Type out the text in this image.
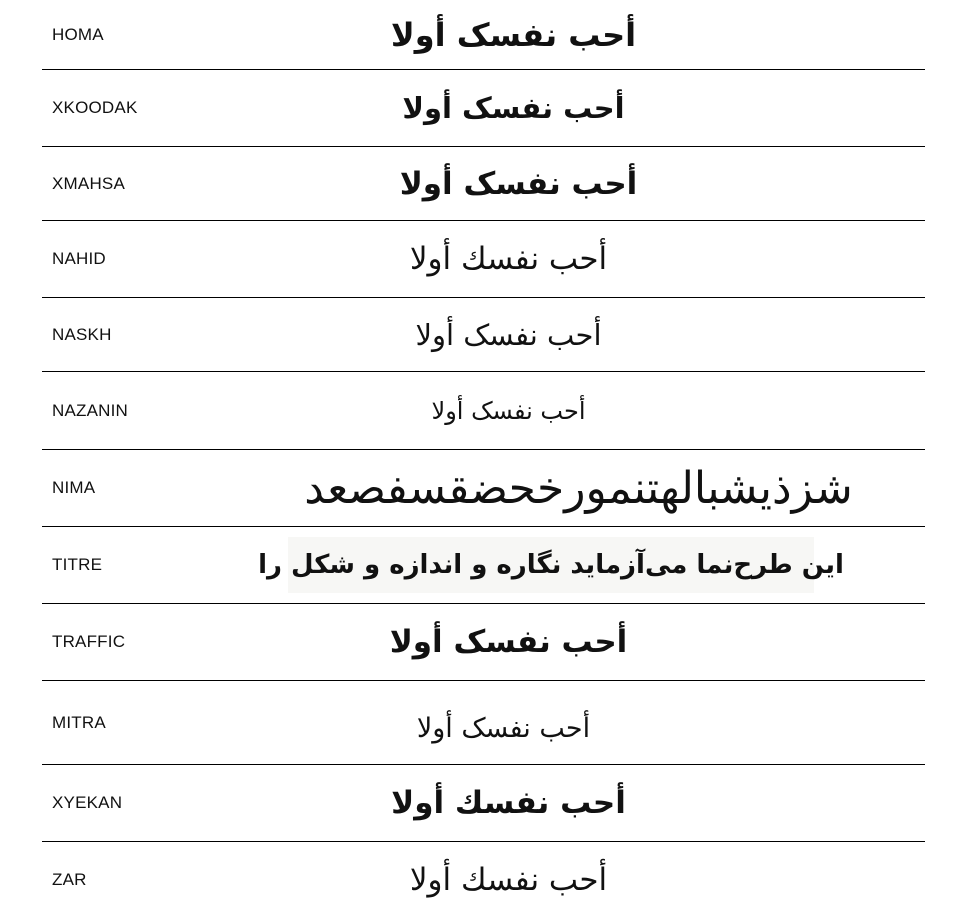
HOMA	أحب نفسک أولا
XKOODAK	أحب نفسک أولا
XMAHSA	أحب نفسک أولا
NAHID	أحب نفسك أولا
NASKH	أحب نفسک أولا
NAZANIN	أحب نفسک أولا
NIMA	شزذیشبالهتنمورخحضقسفصعد
TITRE	این طرح‌نما می‌آزماید نگاره و اندازه و شکل را
TRAFFIC	أحب نفسک أولا
MITRA	أحب نفسک أولا
XYEKAN	أحب نفسك أولا
ZAR	أحب نفسك أولا
